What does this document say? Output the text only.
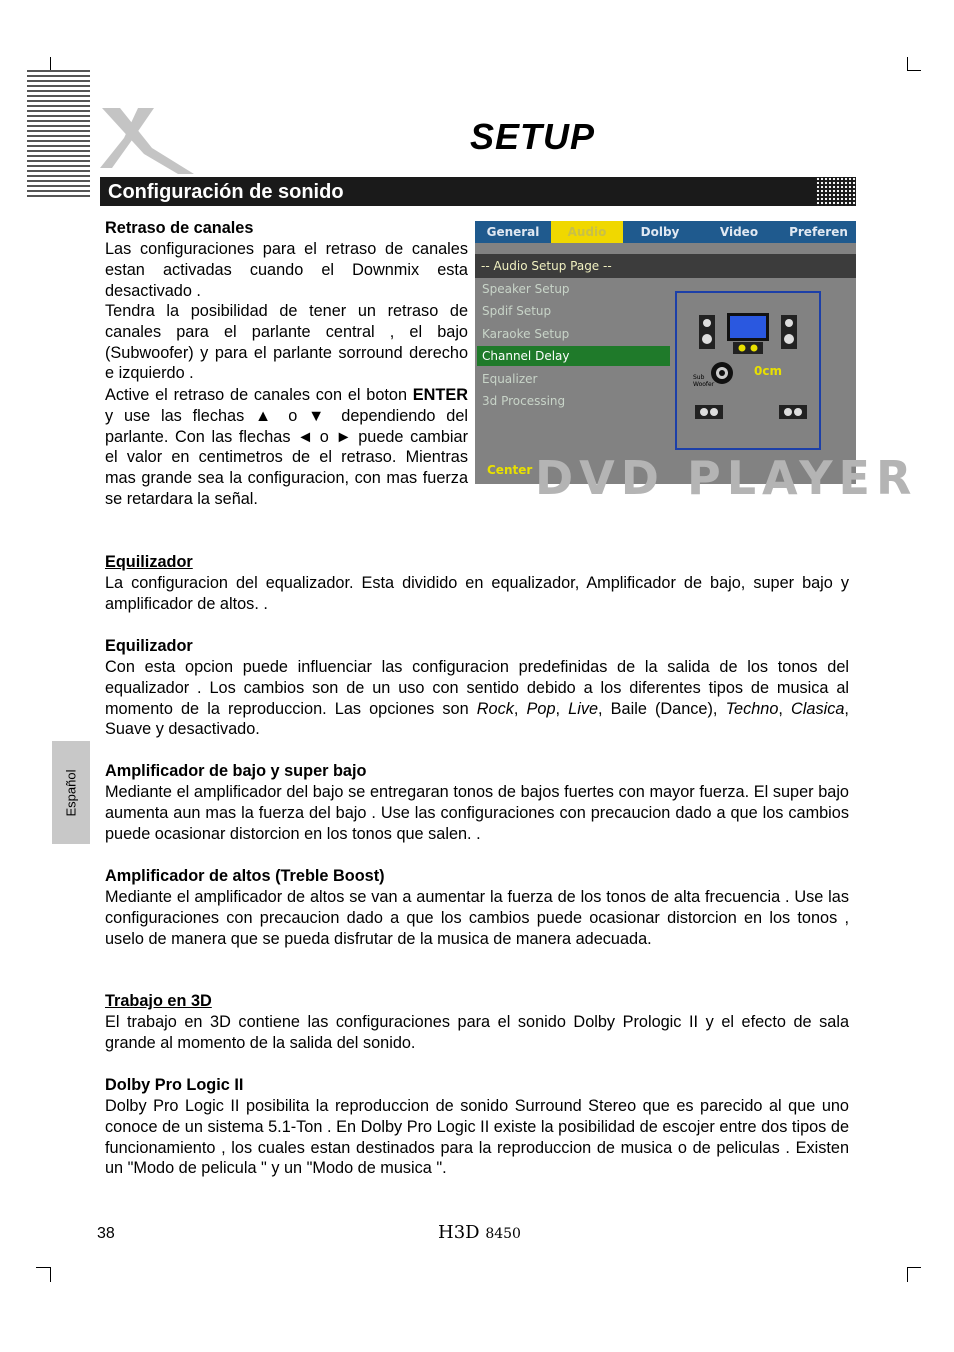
SETUP
Configuración de sonido

Retraso de canales

Las configuraciones para el retraso de canales estan activadas cuando el Downmix esta desactivado .

Tendra la posibilidad de tener un retraso de canales para el parlante central , el bajo (Subwoofer) y para el parlante sorround derecho e izquierdo .

Active el retraso de canales con el boton ENTER y use las flechas ▲ o ▼ dependiendo del parlante. Con las flechas ◄ o ► puede cambiar el valor en centimetros de el retraso. Mientras mas grande sea la configuracion, con mas fuerza se retardara la señal.

General	Audio	Dolby	Video	Preferen
-- Audio Setup Page --
Speaker Setup
Spdif Setup
Karaoke Setup
Channel Delay
Equalizer
3d Processing
Sub
Woofer
0cm
DVD PLAYER
Center

Equilizador

La configuracion del equalizador. Esta dividido en equalizador, Amplificador de bajo, super bajo y amplificador de altos. .

Equilizador

Con esta opcion puede influenciar las configuracion predefinidas de la salida de los tonos del equalizador . Los cambios son de un uso con sentido debido a los diferentes tipos de musica al momento de la reproduccion. Las opciones son Rock, Pop, Live, Baile (Dance), Techno, Clasica, Suave y desactivado.

Amplificador de bajo y super bajo

Mediante el amplificador del bajo se entregaran tonos de bajos fuertes con mayor fuerza. El super bajo aumenta aun mas la fuerza del bajo . Use las configuraciones con precaucion dado a que los cambios puede ocasionar distorcion en los tonos que salen. .

Amplificador de altos (Treble Boost)

Mediante el amplificador de altos se van a aumentar la fuerza de los tonos de alta frecuencia . Use las configuraciones con precaucion dado a que los cambios puede ocasionar distorcion en los tonos , uselo de manera que se pueda disfrutar de la musica de manera adecuada.

Trabajo en 3D

El trabajo en 3D contiene las configuraciones para el sonido Dolby Prologic II y el efecto de sala grande al momento de la salida del sonido.

Dolby Pro Logic II

Dolby Pro Logic II posibilita la reproduccion de sonido Surround Stereo que es parecido al que uno conoce de un sistema 5.1-Ton . En Dolby Pro Logic II existe la posibilidad de escojer entre dos tipos de funcionamiento , los cuales estan destinados para la reproduccion de musica o de peliculas . Existen un "Modo de pelicula " y un "Modo de musica ".

Español
38	H3D 8450
